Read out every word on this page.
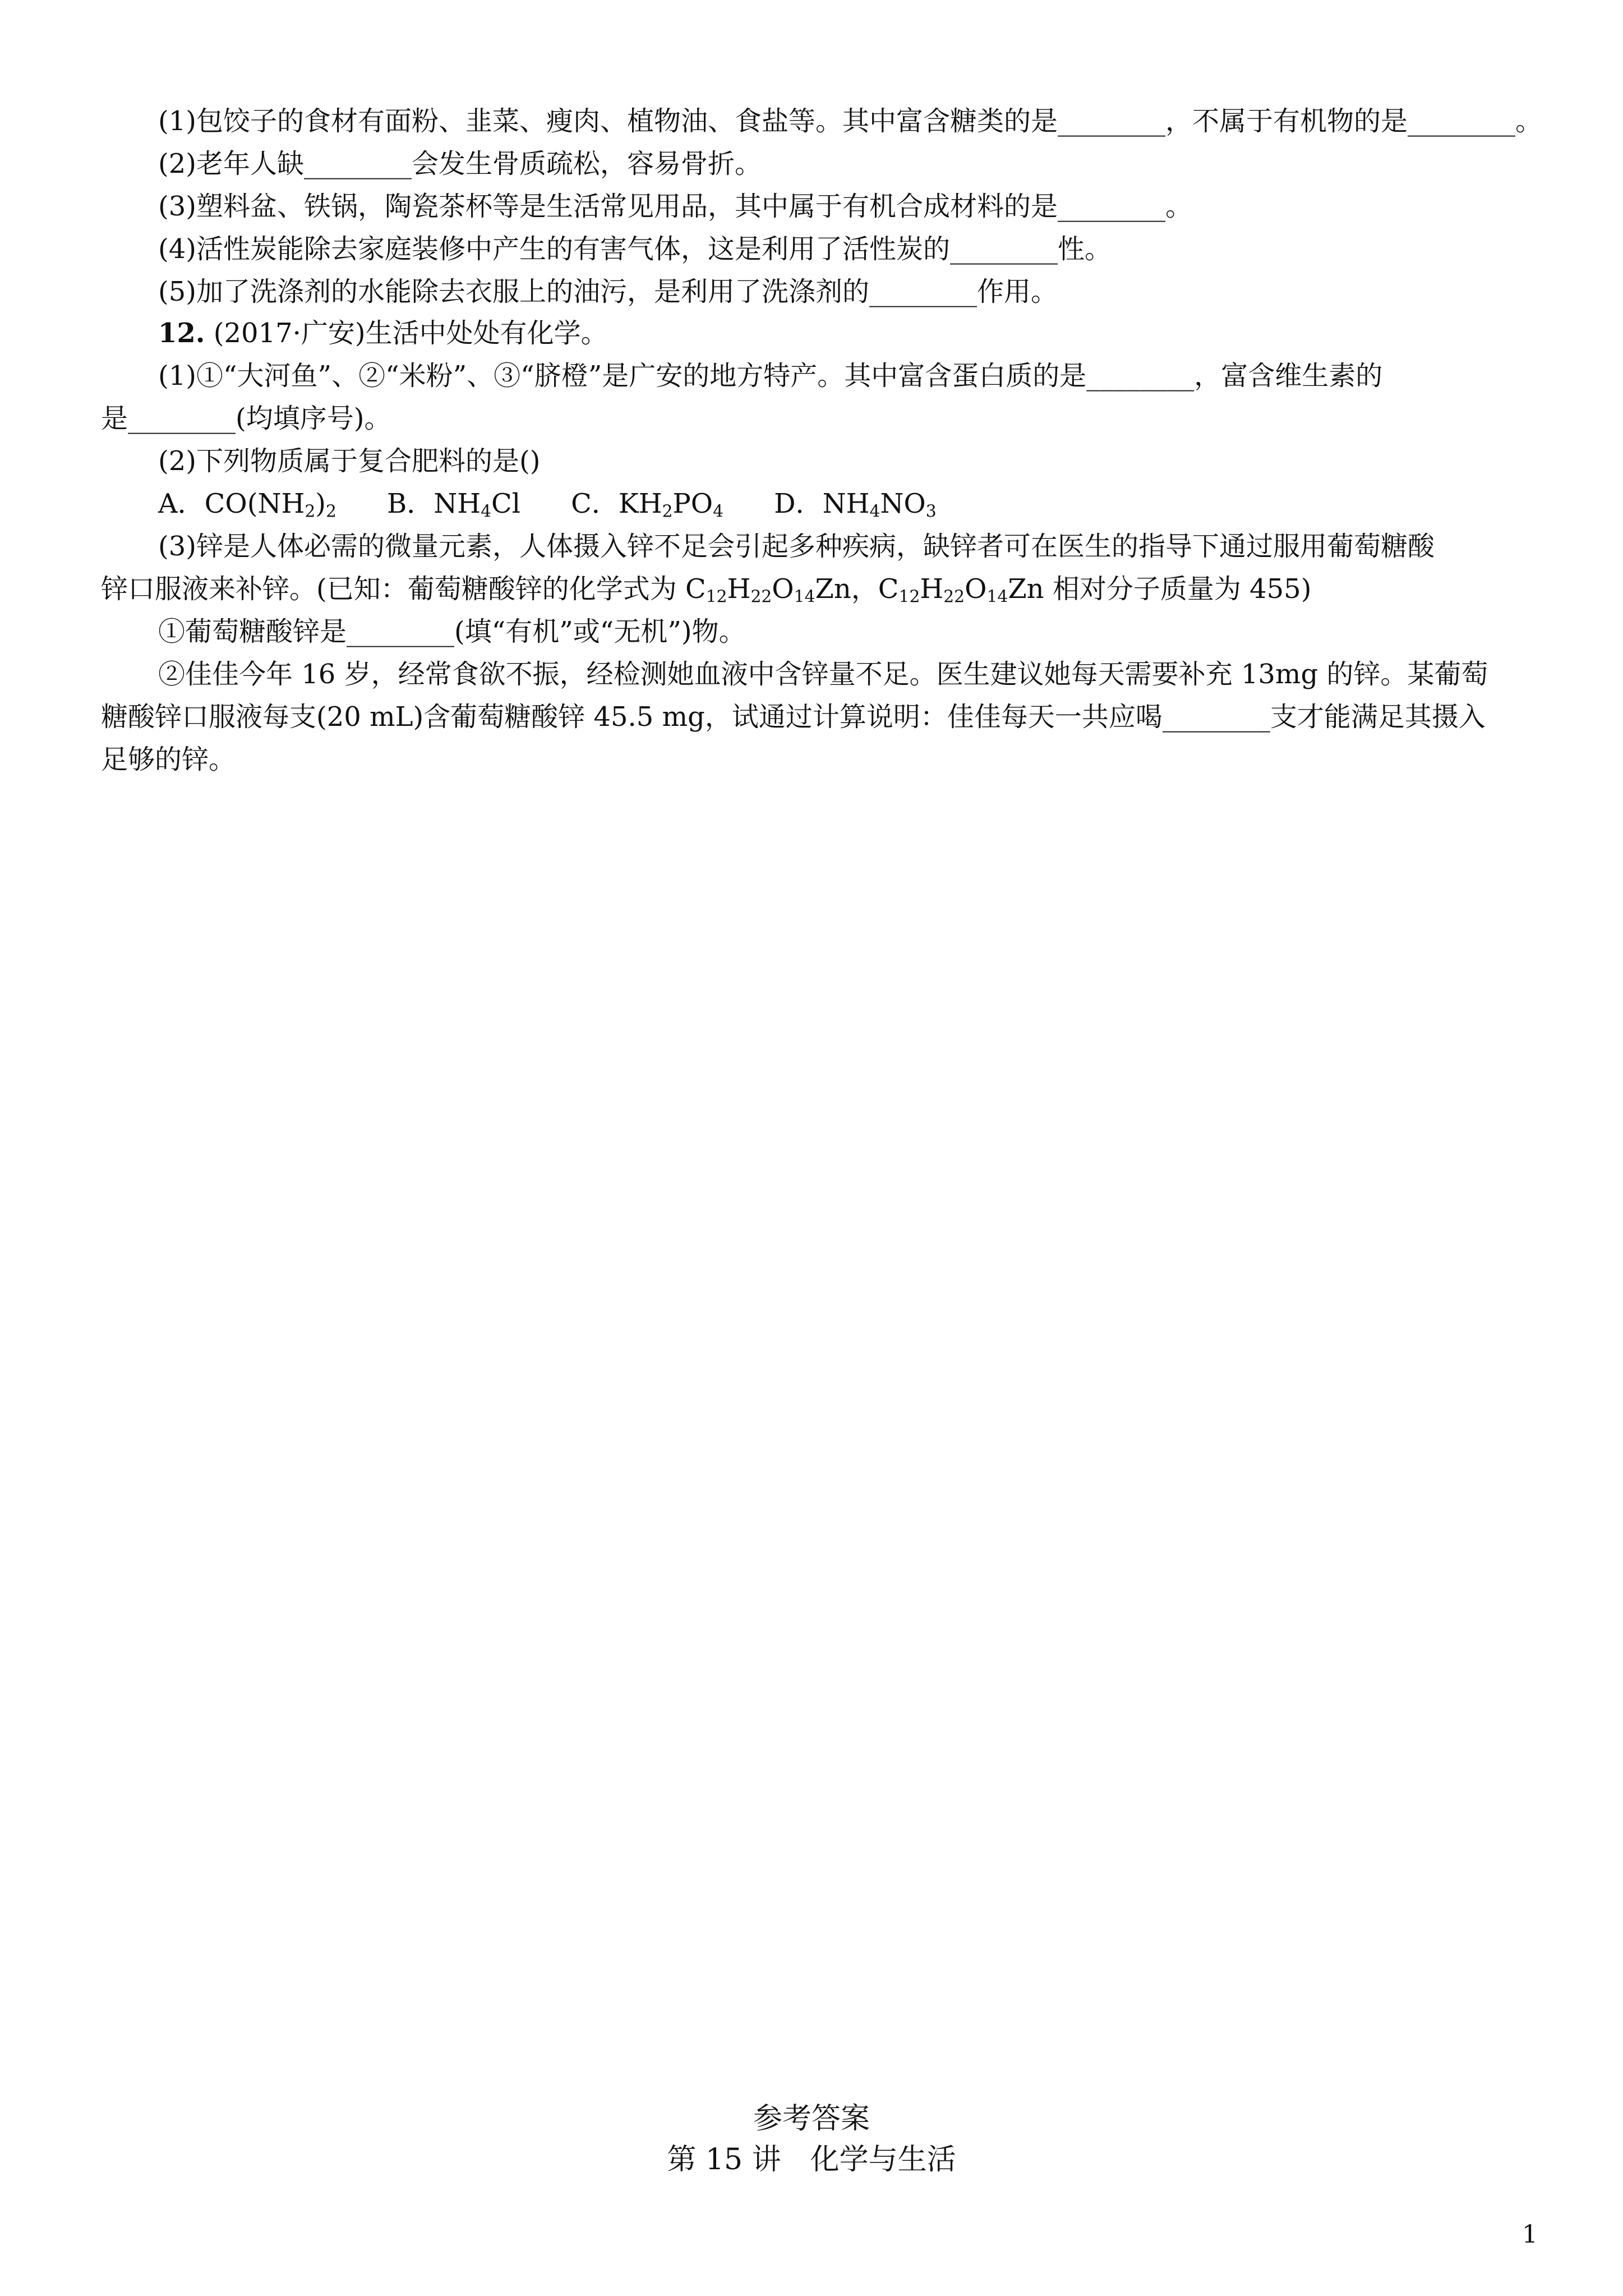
(1)包饺子的食材有面粉、韭菜、瘦肉、植物油、食盐等。其中富含糖类的是________，不属于有机物的是________。
(2)老年人缺________会发生骨质疏松，容易骨折。
(3)塑料盆、铁锅，陶瓷茶杯等是生活常见用品，其中属于有机合成材料的是________。
(4)活性炭能除去家庭装修中产生的有害气体，这是利用了活性炭的________性。
(5)加了洗涤剂的水能除去衣服上的油污，是利用了洗涤剂的________作用。
12. (2017·广安)生活中处处有化学。
(1)①“大河鱼”、②“米粉”、③“脐橙”是广安的地方特产。其中富含蛋白质的是________，富含维生素的
是________(均填序号)。
(2)下列物质属于复合肥料的是()
A．$CO(NH_2)_2$ B．$NH_4Cl$ C．$KH_2PO_4$ D．$NH_4NO_3$
(3)锌是人体必需的微量元素，人体摄入锌不足会引起多种疾病，缺锌者可在医生的指导下通过服用葡萄糖酸
锌口服液来补锌。(已知：葡萄糖酸锌的化学式为 $C_{12}H_{22}O_{14}Zn$，$C_{12}H_{22}O_{14}Zn$ 相对分子质量为 455)
①葡萄糖酸锌是________(填“有机”或“无机”)物。
②佳佳今年 16 岁，经常食欲不振，经检测她血液中含锌量不足。医生建议她每天需要补充 13mg 的锌。某葡萄
糖酸锌口服液每支(20 mL)含葡萄糖酸锌 45.5 mg，试通过计算说明：佳佳每天一共应喝________支才能满足其摄入
足够的锌。
参考答案
第 15 讲　化学与生活
1
